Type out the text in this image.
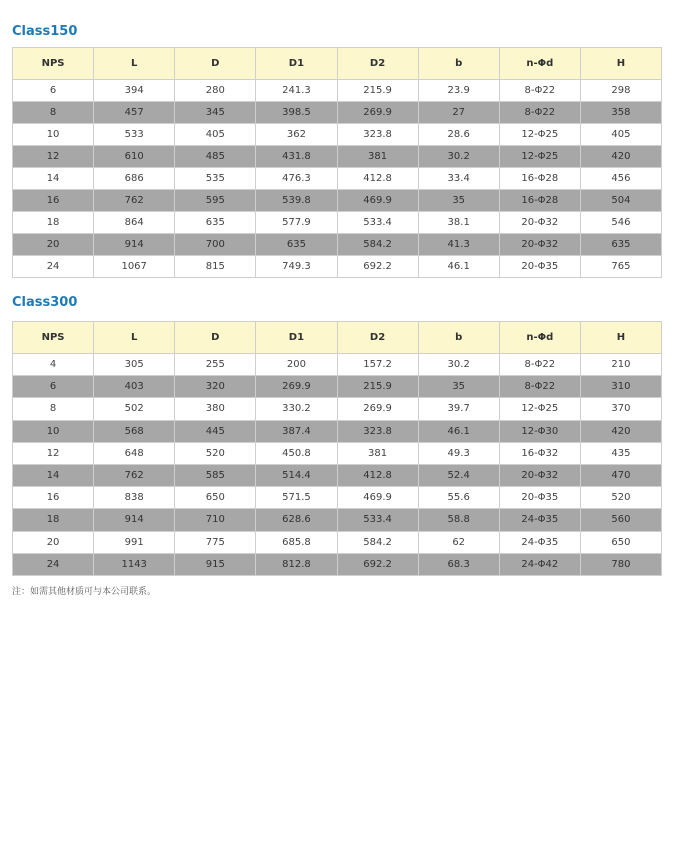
Class150
NPS	L	D	D1	D2	b	n-Φd	H
6	394	280	241.3	215.9	23.9	8-Φ22	298
8	457	345	398.5	269.9	27	8-Φ22	358
10	533	405	362	323.8	28.6	12-Φ25	405
12	610	485	431.8	381	30.2	12-Φ25	420
14	686	535	476.3	412.8	33.4	16-Φ28	456
16	762	595	539.8	469.9	35	16-Φ28	504
18	864	635	577.9	533.4	38.1	20-Φ32	546
20	914	700	635	584.2	41.3	20-Φ32	635
24	1067	815	749.3	692.2	46.1	20-Φ35	765
Class300
NPS	L	D	D1	D2	b	n-Φd	H
4	305	255	200	157.2	30.2	8-Φ22	210
6	403	320	269.9	215.9	35	8-Φ22	310
8	502	380	330.2	269.9	39.7	12-Φ25	370
10	568	445	387.4	323.8	46.1	12-Φ30	420
12	648	520	450.8	381	49.3	16-Φ32	435
14	762	585	514.4	412.8	52.4	20-Φ32	470
16	838	650	571.5	469.9	55.6	20-Φ35	520
18	914	710	628.6	533.4	58.8	24-Φ35	560
20	991	775	685.8	584.2	62	24-Φ35	650
24	1143	915	812.8	692.2	68.3	24-Φ42	780
注：如需其他材质可与本公司联系。
